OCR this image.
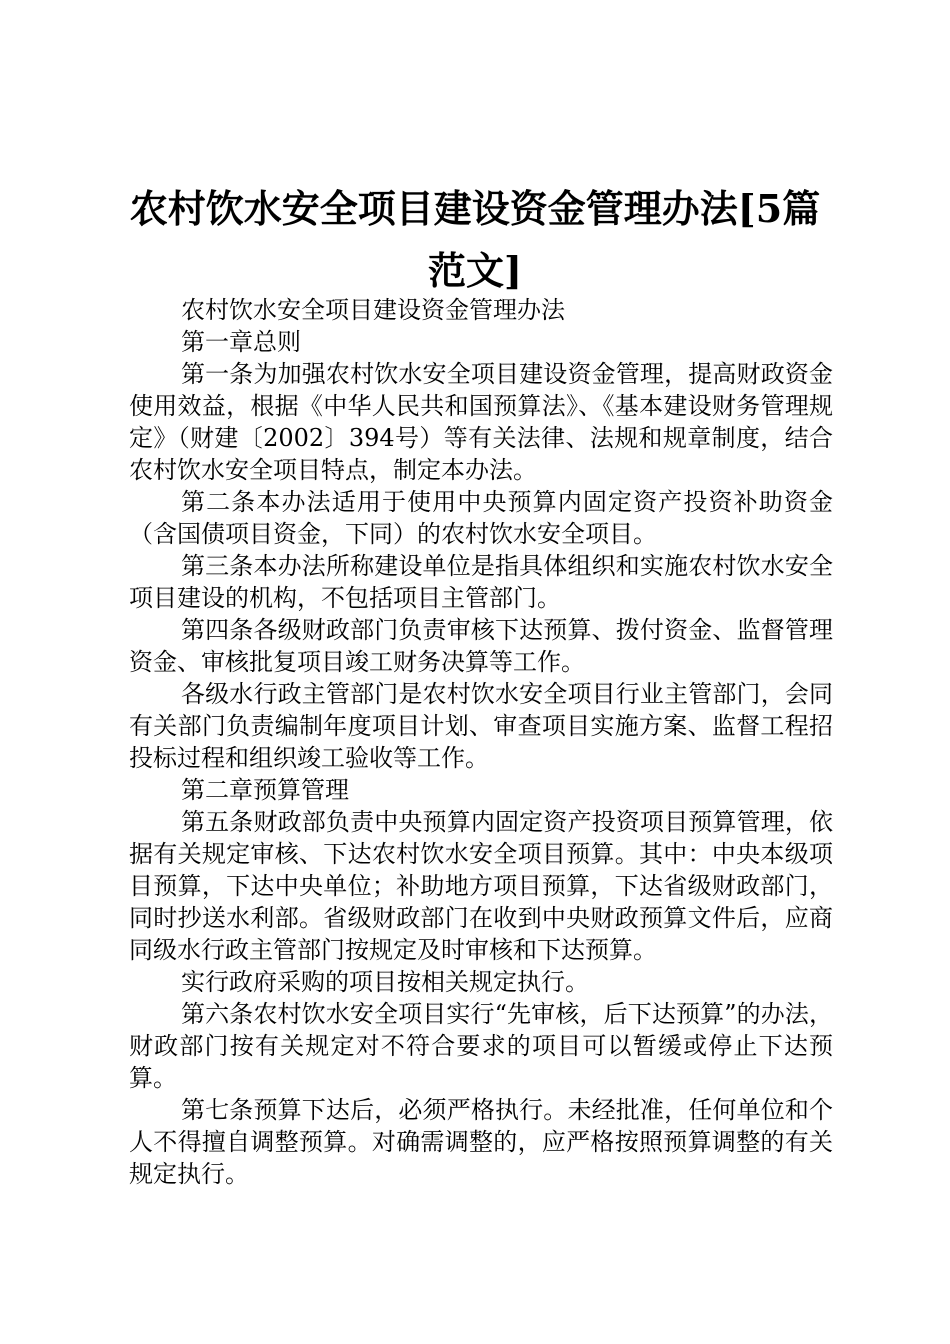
农村饮水安全项目建设资金管理办法[5篇范文]

农村饮水安全项目建设资金管理办法

第一章总则

第一条为加强农村饮水安全项目建设资金管理，提高财政资金使用效益，根据《中华人民共和国预算法》、《基本建设财务管理规定》（财建〔2002〕394号）等有关法律、法规和规章制度，结合农村饮水安全项目特点，制定本办法。

第二条本办法适用于使用中央预算内固定资产投资补助资金（含国债项目资金，下同）的农村饮水安全项目。

第三条本办法所称建设单位是指具体组织和实施农村饮水安全项目建设的机构，不包括项目主管部门。

第四条各级财政部门负责审核下达预算、拨付资金、监督管理资金、审核批复项目竣工财务决算等工作。

各级水行政主管部门是农村饮水安全项目行业主管部门，会同有关部门负责编制年度项目计划、审查项目实施方案、监督工程招投标过程和组织竣工验收等工作。

第二章预算管理

第五条财政部负责中央预算内固定资产投资项目预算管理，依据有关规定审核、下达农村饮水安全项目预算。其中：中央本级项目预算，下达中央单位；补助地方项目预算，下达省级财政部门，同时抄送水利部。省级财政部门在收到中央财政预算文件后，应商同级水行政主管部门按规定及时审核和下达预算。

实行政府采购的项目按相关规定执行。

第六条农村饮水安全项目实行“先审核，后下达预算”的办法，财政部门按有关规定对不符合要求的项目可以暂缓或停止下达预算。

第七条预算下达后，必须严格执行。未经批准，任何单位和个人不得擅自调整预算。对确需调整的，应严格按照预算调整的有关规定执行。
